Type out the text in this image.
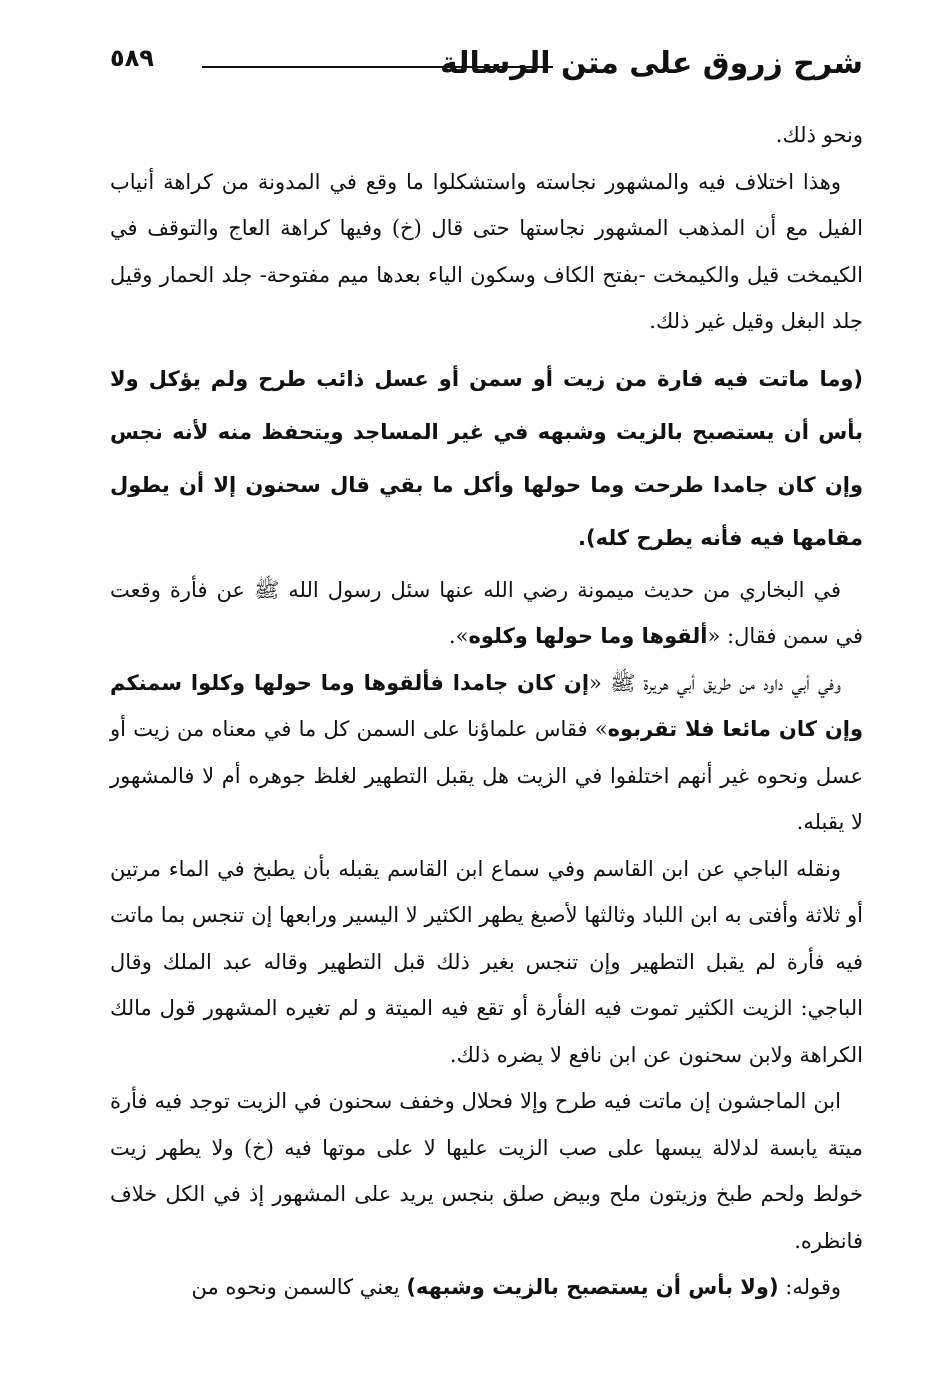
٥٨٩	شرح زروق على متن الرسالة

ونحو ذلك.

وهذا اختلاف فيه والمشهور نجاسته واستشكلوا ما وقع في المدونة من كراهة أنياب الفيل مع أن المذهب المشهور نجاستها حتى قال (خ) وفيها كراهة العاج والتوقف في الكيمخت قيل والكيمخت -بفتح الكاف وسكون الياء بعدها ميم مفتوحة- جلد الحمار وقيل جلد البغل وقيل غير ذلك.

(وما ماتت فيه فارة من زيت أو سمن أو عسل ذائب طرح ولم يؤكل ولا بأس أن يستصبح بالزيت وشبهه في غير المساجد ويتحفظ منه لأنه نجس وإن كان جامدا طرحت وما حولها وأكل ما بقي قال سحنون إلا أن يطول مقامها فيه فأنه يطرح كله).

في البخاري من حديث ميمونة رضي الله عنها سئل رسول الله ﷺ عن فأرة وقعت في سمن فقال: «ألقوها وما حولها وكلوه».

وفي أبي داود من طريق أبي هريرة ﷺ «إن كان جامدا فألقوها وما حولها وكلوا سمنكم وإن كان مائعا فلا تقربوه» فقاس علماؤنا على السمن كل ما في معناه من زيت أو عسل ونحوه غير أنهم اختلفوا في الزيت هل يقبل التطهير لغلظ جوهره أم لا فالمشهور لا يقبله.

ونقله الباجي عن ابن القاسم وفي سماع ابن القاسم يقبله بأن يطبخ في الماء مرتين أو ثلاثة وأفتى به ابن اللباد وثالثها لأصبغ يطهر الكثير لا اليسير ورابعها إن تنجس بما ماتت فيه فأرة لم يقبل التطهير وإن تنجس بغير ذلك قبل التطهير وقاله عبد الملك وقال الباجي: الزيت الكثير تموت فيه الفأرة أو تقع فيه الميتة و لم تغيره المشهور قول مالك الكراهة ولابن سحنون عن ابن نافع لا يضره ذلك.

ابن الماجشون إن ماتت فيه طرح وإلا فحلال وخفف سحنون في الزيت توجد فيه فأرة ميتة يابسة لدلالة يبسها على صب الزيت عليها لا على موتها فيه (خ) ولا يطهر زيت خولط ولحم طبخ وزيتون ملح وبيض صلق بنجس يريد على المشهور إذ في الكل خلاف فانظره.

وقوله: (ولا بأس أن يستصبح بالزيت وشبهه) يعني كالسمن ونحوه من
